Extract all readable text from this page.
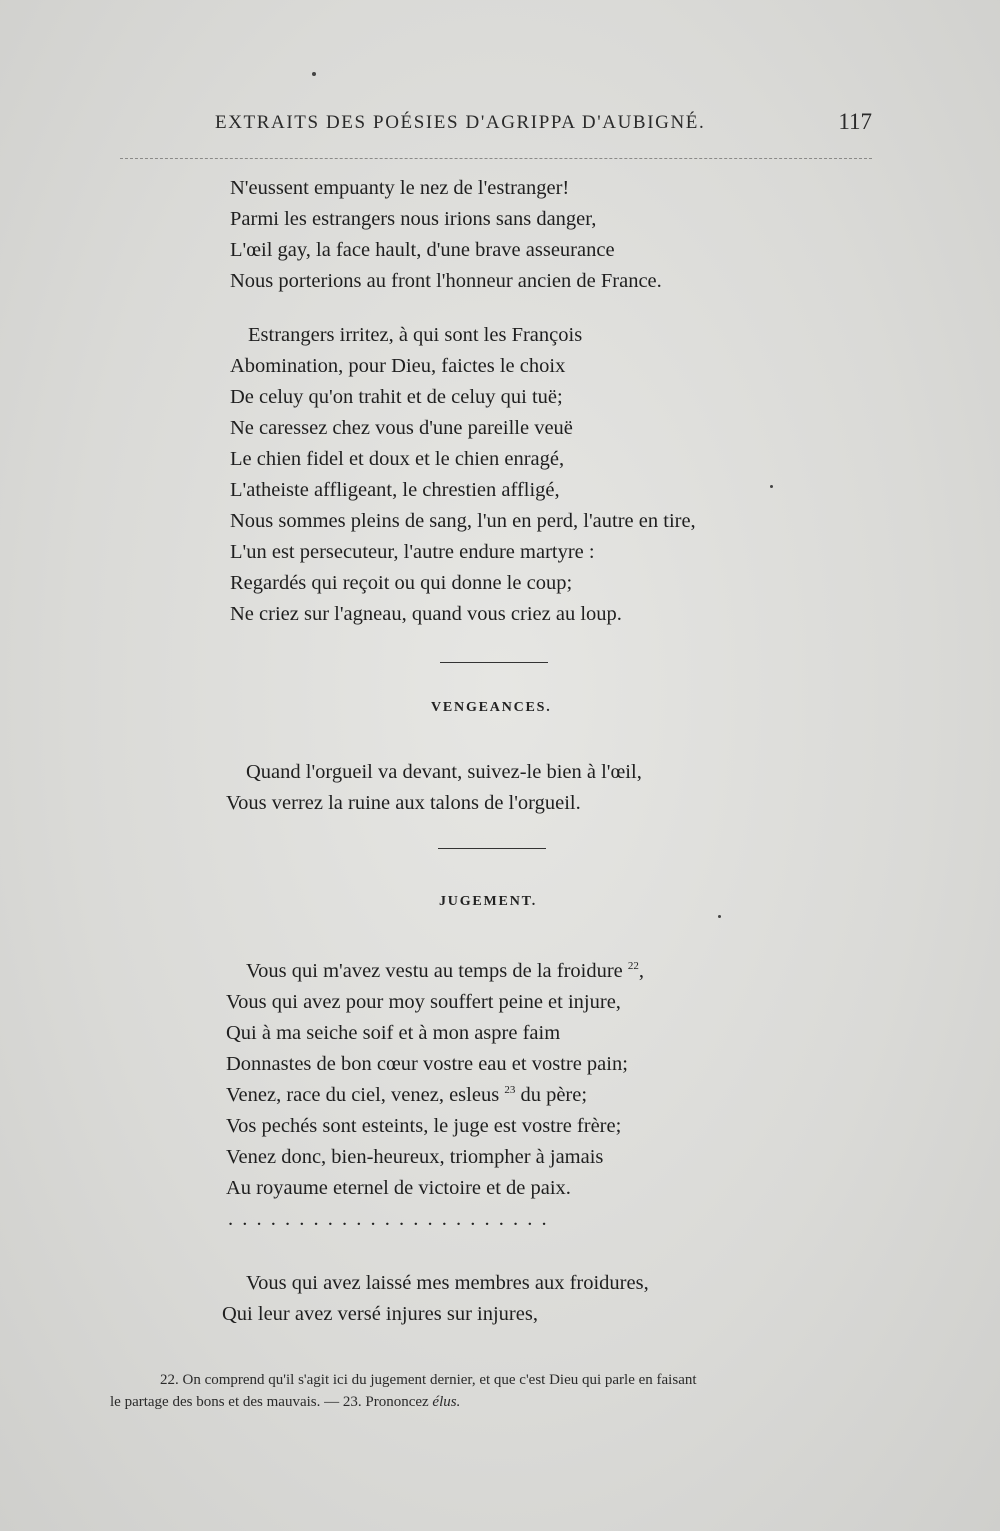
EXTRAITS DES POÉSIES D'AGRIPPA D'AUBIGNÉ.	117
N'eussent empuanty le nez de l'estranger!
Parmi les estrangers nous irions sans danger,
L'œil gay, la face hault, d'une brave asseurance
Nous porterions au front l'honneur ancien de France.
Estrangers irritez, à qui sont les François
Abomination, pour Dieu, faictes le choix
De celuy qu'on trahit et de celuy qui tuë;
Ne caressez chez vous d'une pareille veuë
Le chien fidel et doux et le chien enragé,
L'atheiste affligeant, le chrestien affligé,
Nous sommes pleins de sang, l'un en perd, l'autre en tire,
L'un est persecuteur, l'autre endure martyre :
Regardés qui reçoit ou qui donne le coup;
Ne criez sur l'agneau, quand vous criez au loup.
VENGEANCES.
Quand l'orgueil va devant, suivez-le bien à l'œil,
Vous verrez la ruine aux talons de l'orgueil.
JUGEMENT.
Vous qui m'avez vestu au temps de la froidure $^{22}$,
Vous qui avez pour moy souffert peine et injure,
Qui à ma seiche soif et à mon aspre faim
Donnastes de bon cœur vostre eau et vostre pain;
Venez, race du ciel, venez, esleus $^{23}$ du père;
Vos pechés sont esteints, le juge est vostre frère;
Venez donc, bien-heureux, triompher à jamais
Au royaume eternel de victoire et de paix.
. . . . . . . . . . . . . . . . . . . . . . .
Vous qui avez laissé mes membres aux froidures,
Qui leur avez versé injures sur injures,
22. On comprend qu'il s'agit ici du jugement dernier, et que c'est Dieu qui parle en faisant
le partage des bons et des mauvais. — 23. Prononcez élus.
